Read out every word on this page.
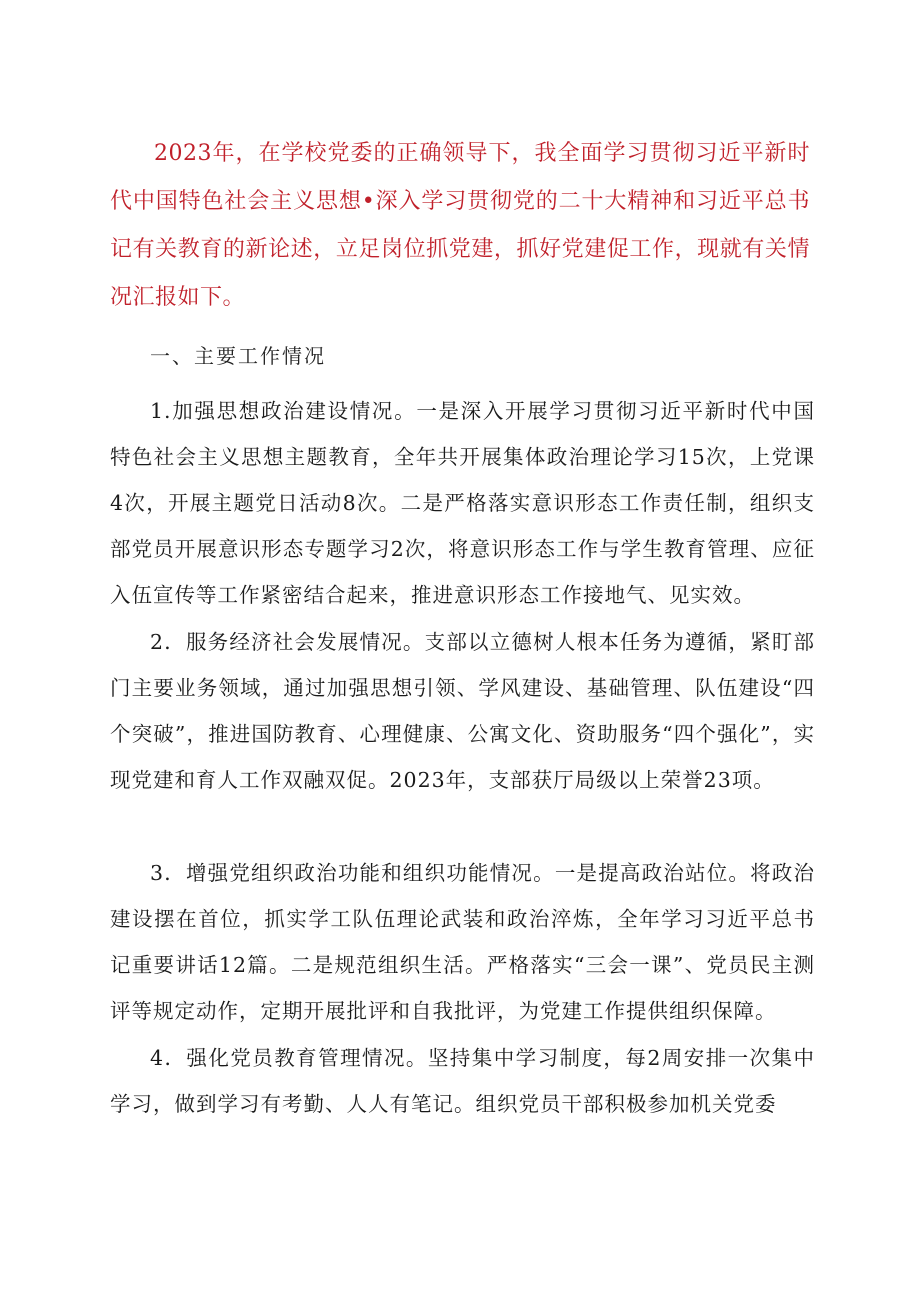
2023年，在学校党委的正确领导下，我全面学习贯彻习近平新时代中国特色社会主义思想•深入学习贯彻党的二十大精神和习近平总书记有关教育的新论述，立足岗位抓党建，抓好党建促工作，现就有关情况汇报如下。

一、主要工作情况

1.加强思想政治建设情况。一是深入开展学习贯彻习近平新时代中国特色社会主义思想主题教育，全年共开展集体政治理论学习15次，上党课4次，开展主题党日活动8次。二是严格落实意识形态工作责任制，组织支部党员开展意识形态专题学习2次，将意识形态工作与学生教育管理、应征入伍宣传等工作紧密结合起来，推进意识形态工作接地气、见实效。

2．服务经济社会发展情况。支部以立德树人根本任务为遵循，紧盯部门主要业务领域，通过加强思想引领、学风建设、基础管理、队伍建设“四个突破”，推进国防教育、心理健康、公寓文化、资助服务“四个强化”，实现党建和育人工作双融双促。2023年，支部获厅局级以上荣誉23项。

3．增强党组织政治功能和组织功能情况。一是提高政治站位。将政治建设摆在首位，抓实学工队伍理论武装和政治淬炼，全年学习习近平总书记重要讲话12篇。二是规范组织生活。严格落实“三会一课”、党员民主测评等规定动作，定期开展批评和自我批评，为党建工作提供组织保障。

4．强化党员教育管理情况。坚持集中学习制度，每2周安排一次集中学习，做到学习有考勤、人人有笔记。组织党员干部积极参加机关党委
